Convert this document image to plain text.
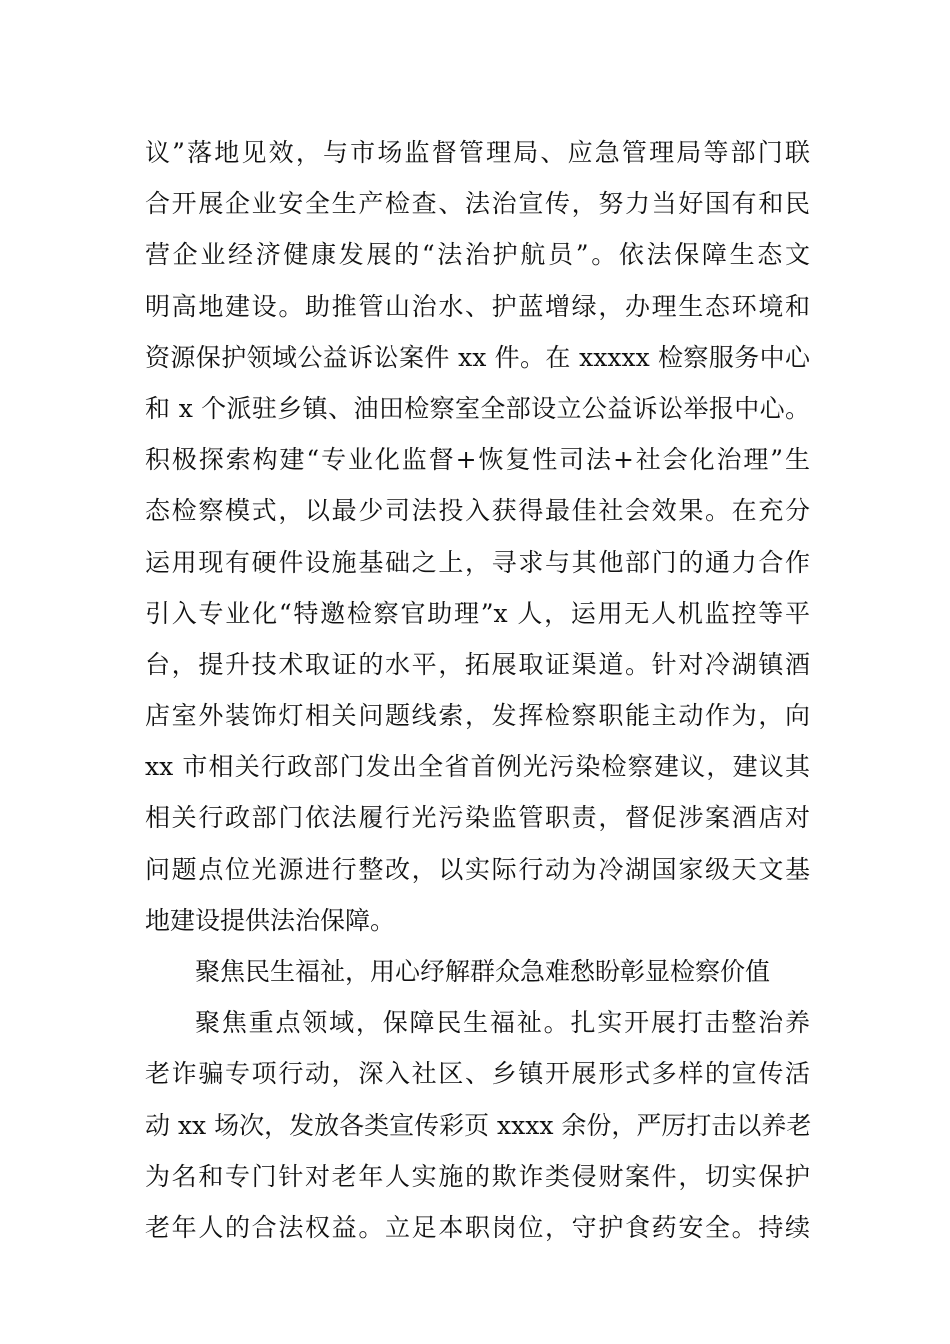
议”落地见效，与市场监督管理局、应急管理局等部门联
合开展企业安全生产检查、法治宣传，努力当好国有和民
营企业经济健康发展的“法治护航员”。依法保障生态文
明高地建设。助推管山治水、护蓝增绿，办理生态环境和
资源保护领域公益诉讼案件 xx 件。在 xxxxx 检察服务中心
和 x 个派驻乡镇、油田检察室全部设立公益诉讼举报中心。
积极探索构建“专业化监督+恢复性司法+社会化治理”生
态检察模式，以最少司法投入获得最佳社会效果。在充分
运用现有硬件设施基础之上，寻求与其他部门的通力合作
引入专业化“特邀检察官助理”x 人，运用无人机监控等平
台，提升技术取证的水平，拓展取证渠道。针对冷湖镇酒
店室外装饰灯相关问题线索，发挥检察职能主动作为，向
xx 市相关行政部门发出全省首例光污染检察建议，建议其
相关行政部门依法履行光污染监管职责，督促涉案酒店对
问题点位光源进行整改，以实际行动为冷湖国家级天文基
地建设提供法治保障。
聚焦民生福祉，用心纾解群众急难愁盼彰显检察价值
聚焦重点领域，保障民生福祉。扎实开展打击整治养
老诈骗专项行动，深入社区、乡镇开展形式多样的宣传活
动 xx 场次，发放各类宣传彩页 xxxx 余份，严厉打击以养老
为名和专门针对老年人实施的欺诈类侵财案件，切实保护
老年人的合法权益。立足本职岗位，守护食药安全。持续
